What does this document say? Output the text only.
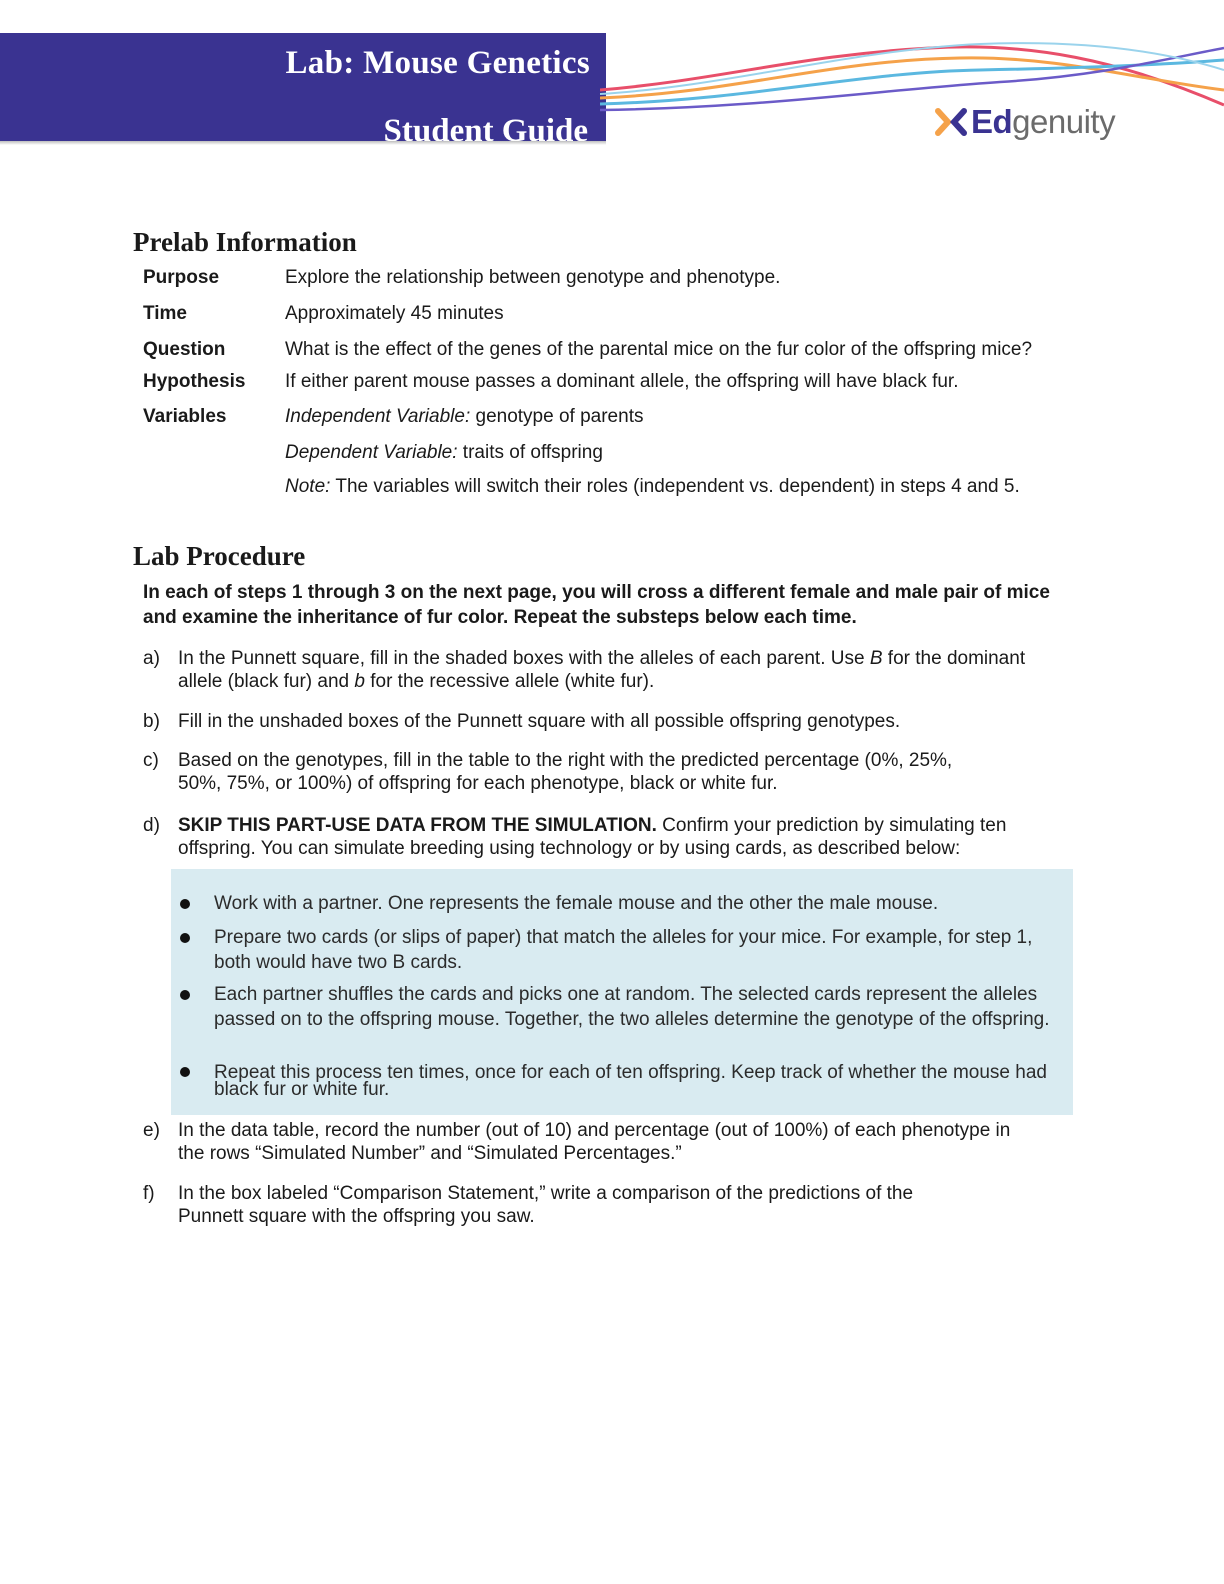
Lab: Mouse Genetics
Student Guide	Edgenuity
Prelab Information
Purpose	Explore the relationship between genotype and phenotype.
Time	Approximately 45 minutes
Question	What is the effect of the genes of the parental mice on the fur color of the offspring mice?
Hypothesis If either parent mouse passes a dominant allele, the offspring will have black fur.
Variables	Independent Variable: genotype of parents
Dependent Variable: traits of offspring
Note: The variables will switch their roles (independent vs. dependent) in steps 4 and 5.
Lab Procedure
In each of steps 1 through 3 on the next page, you will cross a different female and male pair of mice and examine the inheritance of fur color. Repeat the substeps below each time.
a) In the Punnett square, fill in the shaded boxes with the alleles of each parent. Use B for the dominant allele (black fur) and b for the recessive allele (white fur).
b) Fill in the unshaded boxes of the Punnett square with all possible offspring genotypes.
c) Based on the genotypes, fill in the table to the right with the predicted percentage (0%, 25%, 50%, 75%, or 100%) of offspring for each phenotype, black or white fur.
d) SKIP THIS PART-USE DATA FROM THE SIMULATION. Confirm your prediction by simulating ten offspring. You can simulate breeding using technology or by using cards, as described below:
Work with a partner. One represents the female mouse and the other the male mouse.
Prepare two cards (or slips of paper) that match the alleles for your mice. For example, for step 1, both would have two B cards.
Each partner shuffles the cards and picks one at random. The selected cards represent the alleles passed on to the offspring mouse. Together, the two alleles determine the genotype of the offspring.
Repeat this process ten times, once for each of ten offspring. Keep track of whether the mouse had black fur or white fur.
e) In the data table, record the number (out of 10) and percentage (out of 100%) of each phenotype in the rows “Simulated Number” and “Simulated Percentages.”
f) In the box labeled “Comparison Statement,” write a comparison of the predictions of the Punnett square with the offspring you saw.
